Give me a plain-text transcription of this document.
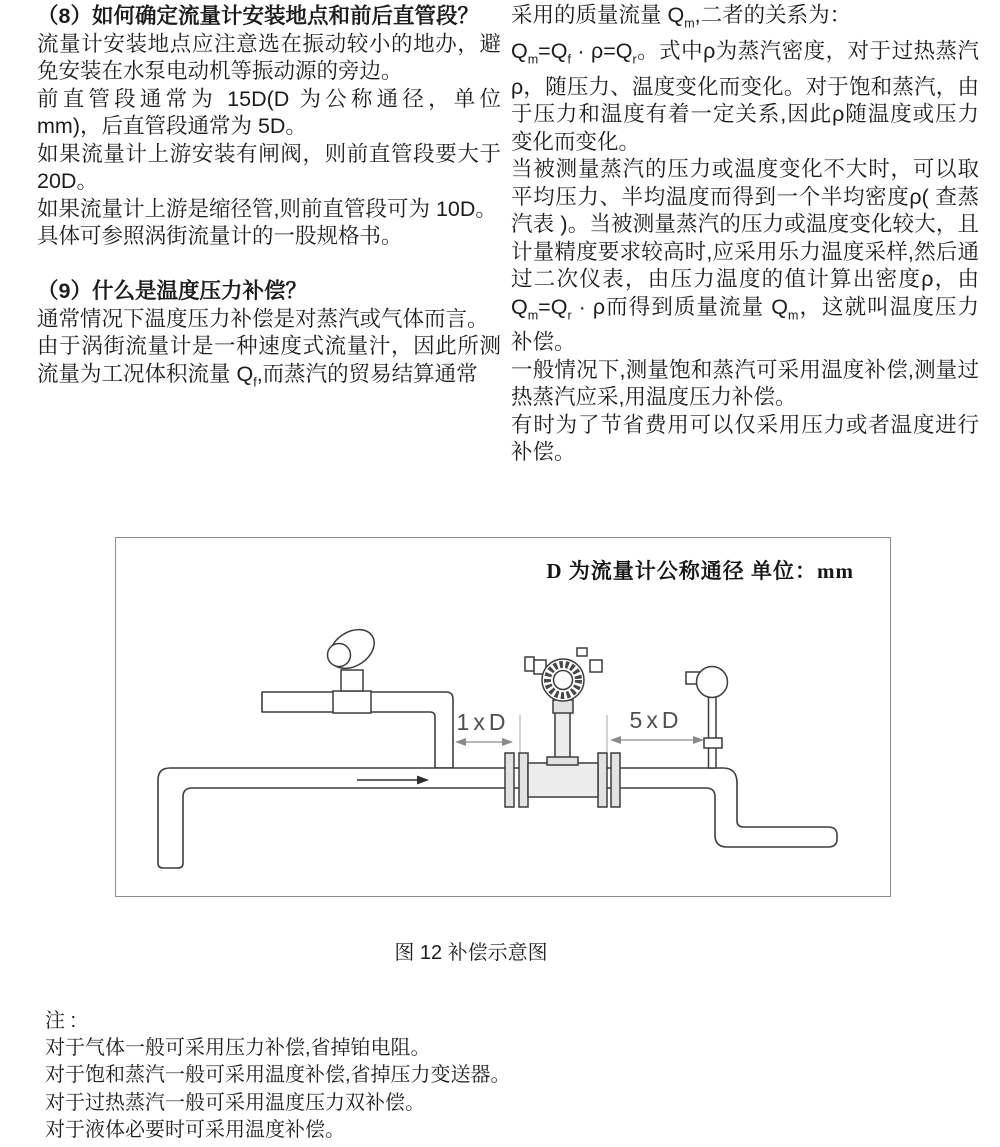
（8）如何确定流量计安装地点和前后直管段？

流量计安装地点应注意选在振动较小的地办，避免安装在水泵电动机等振动源的旁边。

前直管段通常为 15D(D 为公称通径，单位 mm)，后直管段通常为 5D。

如果流量计上游安装有闸阀，则前直管段要大于20D。

如果流量计上游是缩径管,则前直管段可为 10D。

具体可参照涡街流量计的一股规格书。

（9）什么是温度压力补偿？

通常情况下温度压力补偿是对蒸汽或气体而言。

由于涡街流量计是一种速度式流量汁，因此所测流量为工况体积流量 $Q_f$,而蒸汽的贸易结算通常

采用的质量流量 $Q_m$,二者的关系为：

$Q_m=Q_f \cdot \rho=Q_r$。式中ρ为蒸汽密度，对于过热蒸汽ρ，随压力、温度变化而变化。对于饱和蒸汽，由于压力和温度有着一定关系,因此ρ随温度或压力变化而变化。

当被测量蒸汽的压力或温度变化不大时，可以取平均压力、半均温度而得到一个半均密度ρ( 查蒸汽表 )。当被测量蒸汽的压力或温度变化较大，且计量精度要求较高时,应采用乐力温度采样,然后通过二次仪表，由压力温度的值计算出密度ρ，由$Q_m=Q_r \cdot \rho$而得到质量流量 $Q_m$，这就叫温度压力补偿。

一般情况下,测量饱和蒸汽可采用温度补偿,测量过热蒸汽应采,用温度压力补偿。

有时为了节省费用可以仅采用压力或者温度进行补偿。

1xD	5xD
D 为流量计公称通径 单位：mm
图 12 补偿示意图

注 :

对于气体一般可采用压力补偿,省掉铂电阻。

对于饱和蒸汽一般可采用温度补偿,省掉压力变送器。

对于过热蒸汽一般可采用温度压力双补偿。

对于液体必要时可采用温度补偿。
